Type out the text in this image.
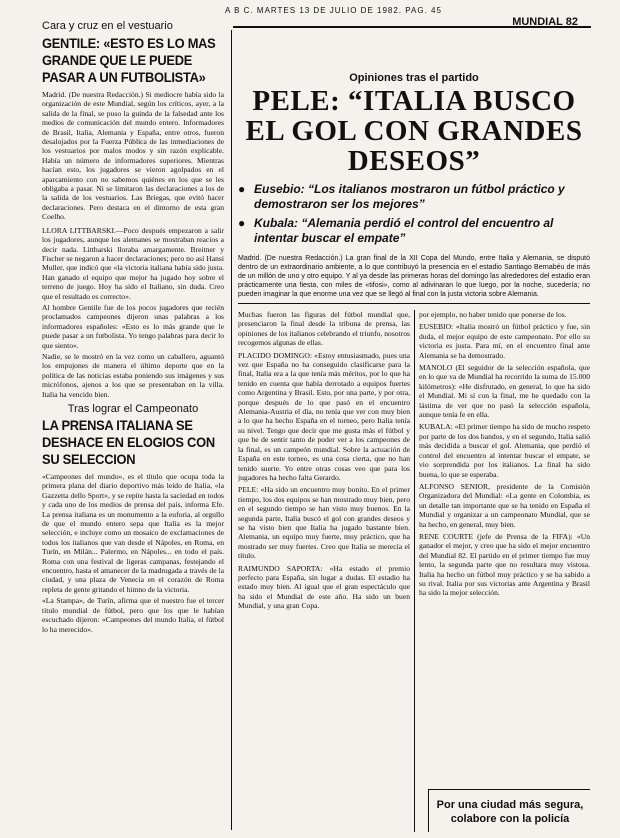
A B C. MARTES 13 DE JULIO DE 1982. PAG. 45
MUNDIAL 82
Cara y cruz en el vestuario
GENTILE: «ESTO ES LO MAS GRANDE QUE LE PUEDE PASAR A UN FUTBOLISTA»

Madrid. (De nuestra Redacción.) Si mediocre había sido la organización de este Mundial, según los críticos, ayer, a la salida de la final, se puso la guinda de la falsedad ante los medios de comunicación del mundo entero. Informadores de Brasil, Italia, Alemania y España, entre otros, fueron desalojados por la Fuerza Pública de las inmediaciones de los vestuarios por malos modos y sin razón explicable. Había un número de informadores superiores. Mientras hacían esto, los jugadores se vieron agolpados en el aparcamiento con no sabemos quiénes en los que se les obligaba a pasar. Ni se limitaron las declaraciones a los de la salida de los vestuarios. Las Briegas, que evitó hacer declaraciones. Pero destaca en el dintorno de esta gran Coelho.

LLORA LITTBARSKI.—Poco después empezaron a salir los jugadores, aunque los alemanes se mostraban reacios a decir nada. Littbarski lloraba amargamente. Breitner y Fischer se negaron a hacer declaraciones; pero no así Hansi Muller, que indicó que «la victoria italiana había sido justa. Han ganado el equipo que mejor ha jugado hoy sobre el terreno de juego. Hoy ha sido el Italiano, sin duda. Creo que el resultado es correcto».

Al hombre Gentile fue de los pocos jugadores que recién proclamados campeones dijeron unas palabras a los informadores españoles: «Esto es lo más grande que le puede pasar a un futbolista. Yo tengo palabras para decir lo que siento».

Nadie, se le mostró en la vez como un caballero, aguantó los empujones de manera el último deporte que en la política de las noticias estaba poniendo sus imágenes y sus micrófonos, ajenos a los que se presentaban en la villa. Italia ha vencido bien.

Tras lograr el Campeonato
LA PRENSA ITALIANA SE DESHACE EN ELOGIOS CON SU SELECCION

«Campeones del mundo», es el título que ocupa toda la primera plana del diario deportivo más leído de Italia, «la Gazzetta dello Sport», y se repite hasta la saciedad en todos y cada uno de los medios de prensa del país, informa Efe. La prensa italiana es un monumento a la euforia, al orgullo de que el mundo entero sepa que Italia es la mejor selección, e incluye como un mosaico de exclamaciones de todos los italianos que van desde el Nápoles, en Roma, en Turín, en Milán... Palermo, en Nápoles... en todo el país. Roma con una festival de ligeras campanas, festejando el encuentro, hasta el amanecer de la madrugada a través de la ciudad, y una plaza de Venecia en el corazón de Roma repleta de gente gritando el himno de la victoria.

«La Stampa», de Turín, afirma que el nuestro fue el tercer título mundial de fútbol, pero que los que le habían escuchado dijeron: «Campeones del mundo Italia, el fútbol lo ha merecido».

Opiniones tras el partido
PELE: “ITALIA BUSCO EL GOL CON GRANDES DESEOS”
● Eusebio: “Los italianos mostraron un fútbol práctico y demostraron ser los mejores”
● Kubala: “Alemania perdió el control del encuentro al intentar buscar el empate”
Madrid. (De nuestra Redacción.) La gran final de la XII Copa del Mundo, entre Italia y Alemania, se disputó dentro de un extraordinario ambiente, a lo que contribuyó la presencia en el estadio Santiago Bernabéu de más de un millón de uno y otro equipo. Y al ya desde las primeras horas del domingo las alrededores del estadio eran prácticamente una fiesta, con miles de «tifosi», como al adivinaran lo que luego, por la noche, sucedería; no pueden imaginar la que enorme una vez que se llegó al final con la justa victoria sobre Alemania.

Muchas fueron las figuras del fútbol mundial que, presenciaron la final desde la tribuna de prensa, las opiniones de los italianos celebrando el triunfo, nosotros recogemos algunas de ellas.

PLACIDO DOMINGO: «Estoy entusiasmado, pues una vez que España no ha conseguido clasificarse para la final, Italia era a la que tenía más méritos, por lo que ha tenido en cuenta que había derrotado a equipos fuertes como Argentina y Brasil. Esto, por una parte, y por otra, porque después de lo que pasó en el encuentro Alemania-Austria el día, no tenía que ver con muy bien a lo que ha hecho España en el torneo, pero Italia tenía su nivel. Tengo que decir que me gusta más el fútbol y que he de sentir tanto de poder ver a los campeones de la final, es un campeón mundial. Sobre la actuación de España en este torneo, es una cosa cierta, que no han tenido suerte. Yo entre otras cosas veo que para los jugadores ha hecho falta Gerardo.

PELE: «Ha sido un encuentro muy bonito. En el primer tiempo, los dos equipos se han mostrado muy bien, pero en el segundo tiempo se han visto muy buenos. En la segunda parte, Italia buscó el gol con grandes deseos y se ha visto bien que Italia ha jugado bastante bien. Alemania, un equipo muy fuerte, muy práctico, que ha mostrado ser muy fuertes. Creo que Italia se merecía el título.

RAIMUNDO SAPORTA: «Ha estado el premio perfecto para España, sin lugar a dudas. El estadio ha estado muy bien. Al igual que el gran espectáculo que ha sido el Mundial de este año. Ha sido un buen Mundial, y una gran Copa.

por ejemplo, no haber tenido que ponerse de los.

EUSEBIO: «Italia mostró un fútbol práctico y fue, sin duda, el mejor equipo de este campeonato. Por ello su victoria es justa. Para mí, en el encuentro final ante Alemania se ha demostrado.

MANOLO (El seguidor de la selección española, que en lo que va de Mundial ha recorrido la suma de 15.000 kilómetros): «He disfrutado, en general, lo que ha sido el Mundial. Mi sí con la final, me he quedado con la lástima de ver que no pasó la selección española, aunque tenía fe en ella.

KUBALA: «El primer tiempo ha sido de mucho respeto por parte de los dos bandos, y en el segundo, Italia salió más decidida a buscar el gol. Alemania, que perdió el control del encuentro al intentar buscar el empate, se vio sorprendida por los italianos. La final ha sido buena, lo que se esperaba.

ALFONSO SENIOR, presidente de la Comisión Organizadora del Mundial: «La gente en Colombia, es un detalle tan importante que se ha tenido en España el Mundial y organizar a un campeonato Mundial, que se ha hecho, en general, muy bien.

RENE COURTE (jefe de Prensa de la FIFA): «Un ganador el mejor, y creo que ha sido el mejor encuentro del Mundial 82. El partido en el primer tiempo fue muy lento, la segunda parte que no resultara muy vistosa. Italia ha hecho un fútbol muy práctico y se ha sabido a su rival. Italia por sus victorias ante Argentina y Brasil ha sido la mejor selección.

Por una ciudad más segura, colabore con la policía
